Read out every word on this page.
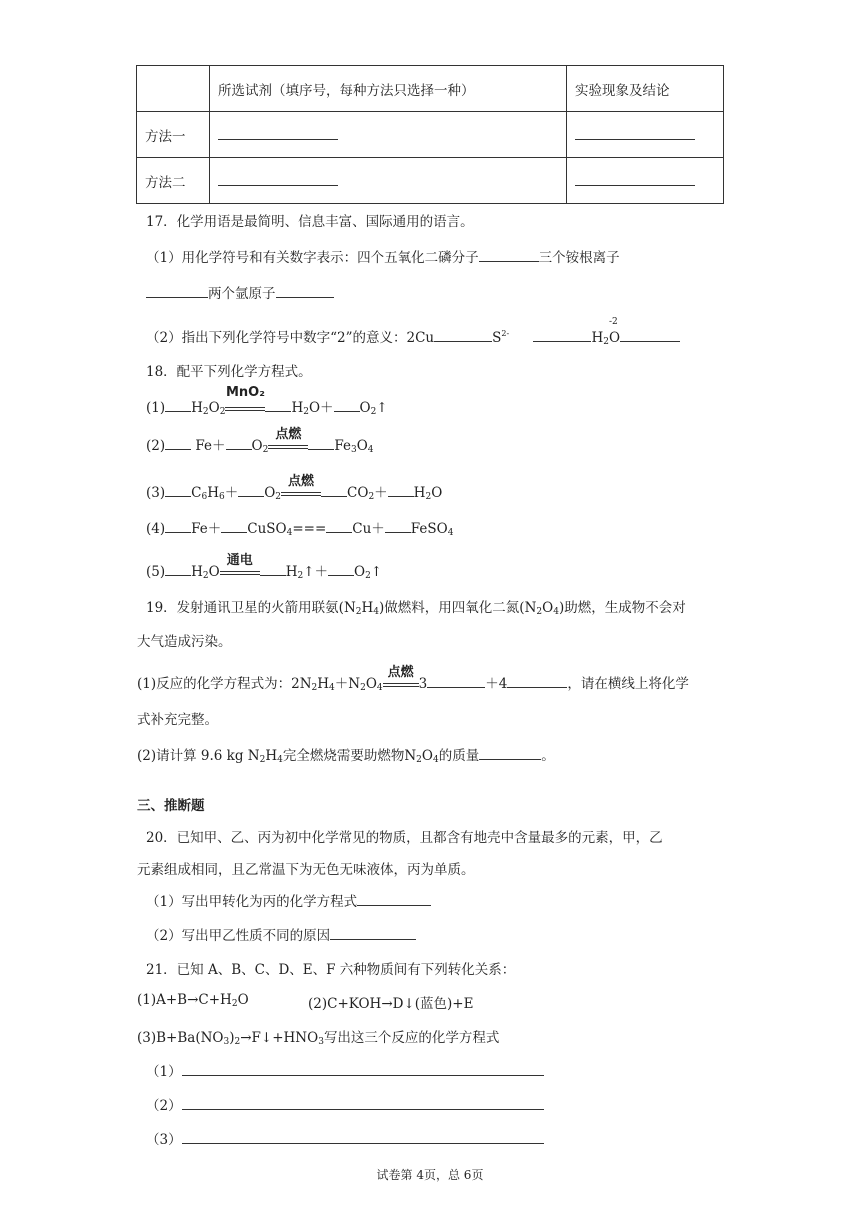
	所选试剂（填序号，每种方法只选择一种）	实验现象及结论
方法一		
方法二		
17．化学用语是最简明、信息丰富、国际通用的语言。
（1）用化学符号和有关数字表示：四个五氧化二磷分子	三个铵根离子
两个氩原子
（2）指出下列化学符号中数字“2”的意义：2Cu	$S^{2-}$	$H_2$
-2
O
18．配平下列化学方程式。
(1) $H_2O_2$
MnO₂
$H_2O+$ $O_2↑$
(2) $Fe+ O_2$
点燃
$Fe_3O_4$
(3) $C_6H_6+ O_2$
点燃
$CO_2+ H_2O$
(4) Fe＋ CuSO$_4$=== Cu＋ FeSO$_4$
(5) $H_2O$
通电
$H_2↑+$ $O_2↑$
19．发射通讯卫星的火箭用联氨$(N_2H_4)$做燃料，用四氧化二氮$(N_2O_4)$助燃，生成物不会对
大气造成污染。
(1)反应的化学方程式为：$2N_2H_4+N_2O_4$
点燃
3	＋4	，请在横线上将化学
式补充完整。
(2)请计算 9.6 kg $N_2H_4$完全燃烧需要助燃物$N_2O_4$的质量	。
三、推断题
20．已知甲、乙、丙为初中化学常见的物质，且都含有地壳中含量最多的元素，甲，乙
元素组成相同，且乙常温下为无色无味液体，丙为单质。
（1）写出甲转化为丙的化学方程式
（2）写出甲乙性质不同的原因
21．已知 A、B、C、D、E、F 六种物质间有下列转化关系：
$(1)A+B\to C+H_2O$	(2)C+KOH→D↓(蓝色)+E
$(3)B+Ba(NO_3)_2\to F↓+HNO_3$写出这三个反应的化学方程式
（1）
（2）
（3）
试卷第 4页，总 6页
